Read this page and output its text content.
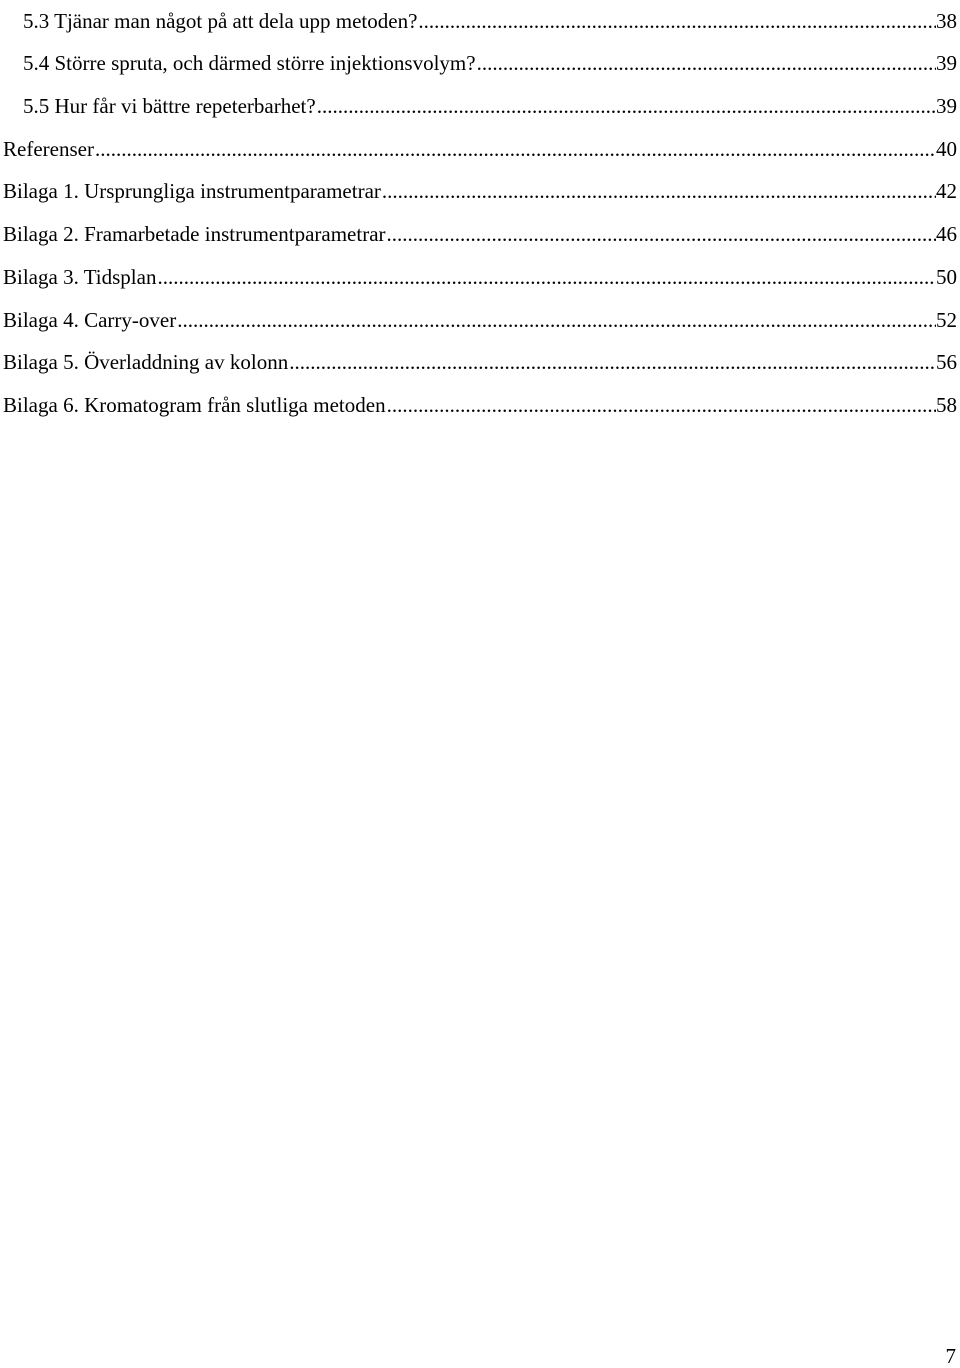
5.3 Tjänar man något på att dela upp metoden? .....	38
5.4 Större spruta, och därmed större injektionsvolym? .....	39
5.5 Hur får vi bättre repeterbarhet? .....	39
Referenser .....	40
Bilaga 1. Ursprungliga instrumentparametrar .....	42
Bilaga 2. Framarbetade instrumentparametrar .....	46
Bilaga 3. Tidsplan .....	50
Bilaga 4. Carry-over .....	52
Bilaga 5. Överladdning av kolonn .....	56
Bilaga 6. Kromatogram från slutliga metoden .....	58
7
